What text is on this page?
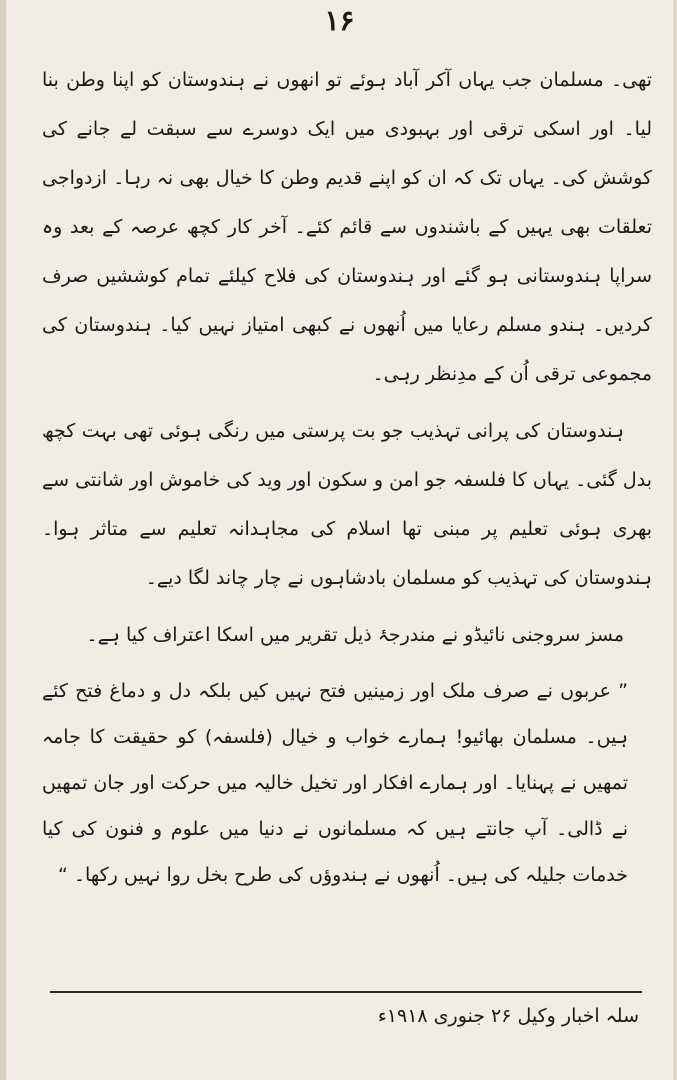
۱۶

تھی۔ مسلمان جب یہاں آکر آباد ہوئے تو انھوں نے ہندوستان کو اپنا وطن بنا لیا۔ اور اسکی ترقی اور بہبودی میں ایک دوسرے سے سبقت لے جانے کی کوشش کی۔ یہاں تک کہ ان کو اپنے قدیم وطن کا خیال بھی نہ رہا۔ ازدواجی تعلقات بھی یہیں کے باشندوں سے قائم کئے۔ آخر کار کچھ عرصہ کے بعد وہ سراپا ہندوستانی ہو گئے اور ہندوستان کی فلاح کیلئے تمام کوششیں صرف کردیں۔ ہندو مسلم رعایا میں اُنھوں نے کبھی امتیاز نہیں کیا۔ ہندوستان کی مجموعی ترقی اُن کے مدِنظر رہی۔

ہندوستان کی پرانی تہذیب جو بت پرستی میں رنگی ہوئی تھی بہت کچھ بدل گئی۔ یہاں کا فلسفہ جو امن و سکون اور وید کی خاموش اور شانتی سے بھری ہوئی تعلیم پر مبنی تھا اسلام کی مجاہدانہ تعلیم سے متاثر ہوا۔ ہندوستان کی تہذیب کو مسلمان بادشاہوں نے چار چاند لگا دیے۔

مسز سروجنی نائیڈو نے مندرجۂ ذیل تقریر میں اسکا اعتراف کیا ہے۔

” عربوں نے صرف ملک اور زمینیں فتح نہیں کیں بلکہ دل و دماغ فتح کئے ہیں۔ مسلمان بھائیو! ہمارے خواب و خیال (فلسفہ) کو حقیقت کا جامہ تمھیں نے پہنایا۔ اور ہمارے افکار اور تخیل خالیہ میں حرکت اور جان تمھیں نے ڈالی۔ آپ جانتے ہیں کہ مسلمانوں نے دنیا میں علوم و فنون کی کیا خدمات جلیلہ کی ہیں۔ اُنھوں نے ہندوؤں کی طرح بخل روا نہیں رکھا۔ “

سلہ اخبار وکیل ۲۶ جنوری ۱۹۱۸ء
